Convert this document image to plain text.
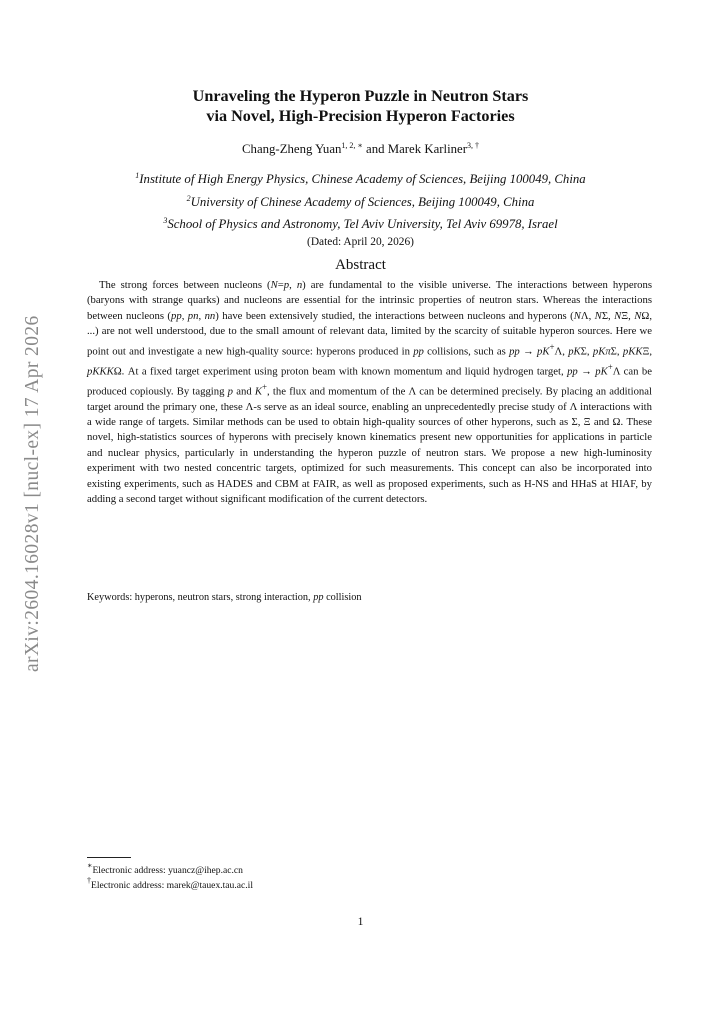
arXiv:2604.16028v1 [nucl-ex] 17 Apr 2026
Unraveling the Hyperon Puzzle in Neutron Stars
via Novel, High-Precision Hyperon Factories
Chang-Zheng Yuan$^{1, 2, ∗}$ and Marek Karliner$^{3, \dagger}$
$^1$Institute of High Energy Physics, Chinese Academy of Sciences, Beijing 100049, China
$^2$University of Chinese Academy of Sciences, Beijing 100049, China
$^3$School of Physics and Astronomy, Tel Aviv University, Tel Aviv 69978, Israel
(Dated: April 20, 2026)
Abstract

The strong forces between nucleons (N=p, n) are fundamental to the visible universe. The interactions between hyperons (baryons with strange quarks) and nucleons are essential for the intrinsic properties of neutron stars. Whereas the interactions between nucleons (pp, pn, nn) have been extensively studied, the interactions between nucleons and hyperons (NΛ, NΣ, NΞ, NΩ, ...) are not well understood, due to the small amount of relevant data, limited by the scarcity of suitable hyperon sources. Here we point out and investigate a new high-quality source: hyperons produced in pp collisions, such as pp → pK+Λ, pKΣ, pKπΣ, pKKΞ, pKKKΩ. At a fixed target experiment using proton beam with known momentum and liquid hydrogen target, pp → pK+Λ can be produced copiously. By tagging p and K+, the flux and momentum of the Λ can be determined precisely. By placing an additional target around the primary one, these Λ-s serve as an ideal source, enabling an unprecedentedly precise study of Λ interactions with a wide range of targets. Similar methods can be used to obtain high-quality sources of other hyperons, such as Σ, Ξ and Ω. These novel, high-statistics sources of hyperons with precisely known kinematics present new opportunities for applications in particle and nuclear physics, particularly in understanding the hyperon puzzle of neutron stars. We propose a new high-luminosity experiment with two nested concentric targets, optimized for such measurements. This concept can also be incorporated into existing experiments, such as HADES and CBM at FAIR, as well as proposed experiments, such as H-NS and HHaS at HIAF, by adding a second target without significant modification of the current detectors.

Keywords: hyperons, neutron stars, strong interaction, pp collision
∗Electronic address: yuancz@ihep.ac.cn
†Electronic address: marek@tauex.tau.ac.il
1
